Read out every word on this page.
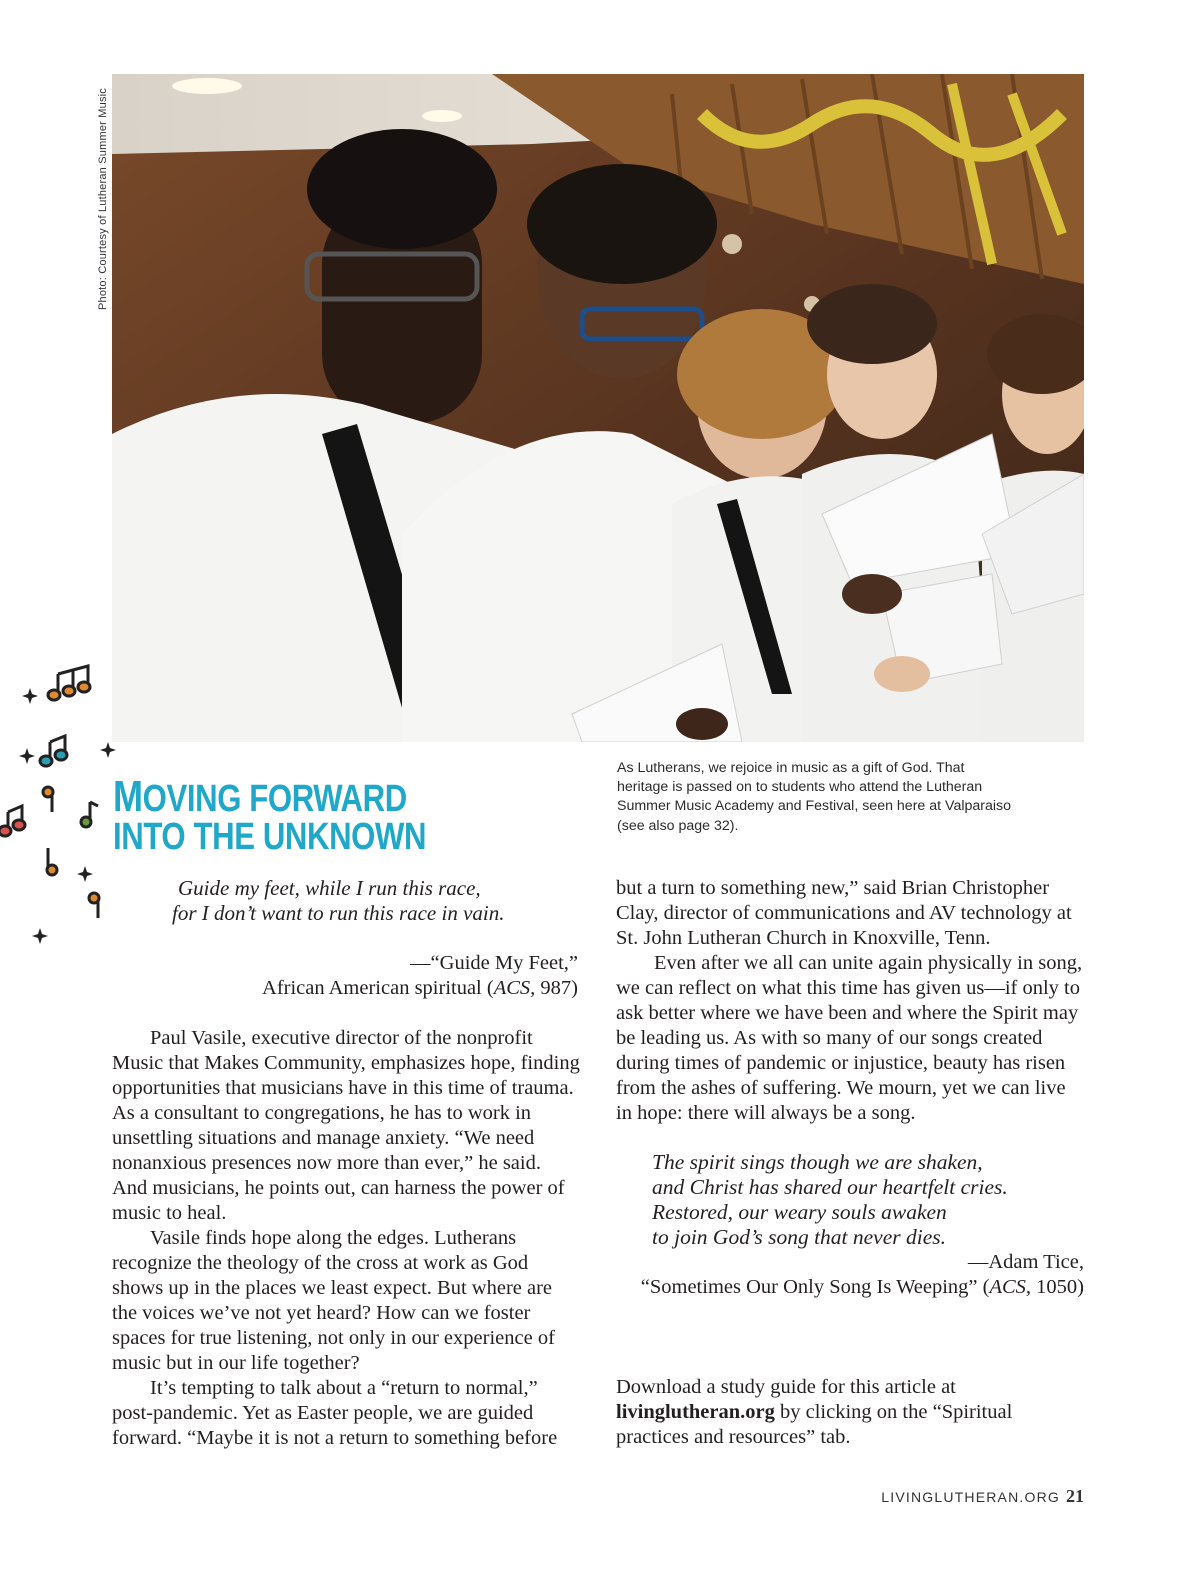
Photo: Courtesy of Lutheran Summer Music
As Lutherans, we rejoice in music as a gift of God. That heritage is passed on to students who attend the Lutheran Summer Music Academy and Festival, seen here at Valparaiso (see also page 32).
MOVING FORWARD
INTO THE UNKNOWN
Guide my feet, while I run this race,
for I don’t want to run this race in vain.
—“Guide My Feet,”
African American spiritual (ACS, 987)

Paul Vasile, executive director of the nonprofit Music that Makes Community, emphasizes hope, finding opportunities that musicians have in this time of trauma. As a consultant to congregations, he has to work in unsettling situations and manage anxiety. “We need nonanxious presences now more than ever,” he said. And musicians, he points out, can harness the power of music to heal.

Vasile finds hope along the edges. Lutherans recognize the theology of the cross at work as God shows up in the places we least expect. But where are the voices we’ve not yet heard? How can we foster spaces for true listening, not only in our experience of music but in our life together?

It’s tempting to talk about a “return to normal,” post-pandemic. Yet as Easter people, we are guided forward. “Maybe it is not a return to something before

but a turn to something new,” said Brian Christopher Clay, director of communications and AV technology at St. John Lutheran Church in Knoxville, Tenn.

Even after we all can unite again physically in song, we can reflect on what this time has given us—if only to ask better where we have been and where the Spirit may be leading us. As with so many of our songs created during times of pandemic or injustice, beauty has risen from the ashes of suffering. We mourn, yet we can live in hope: there will always be a song.

The spirit sings though we are shaken,
and Christ has shared our heartfelt cries.
Restored, our weary souls awaken
to join God’s song that never dies.
—Adam Tice,
“Sometimes Our Only Song Is Weeping” (ACS, 1050)
Download a study guide for this article at livinglutheran.org by clicking on the “Spiritual practices and resources” tab.
LIVINGLUTHERAN.ORG 21
